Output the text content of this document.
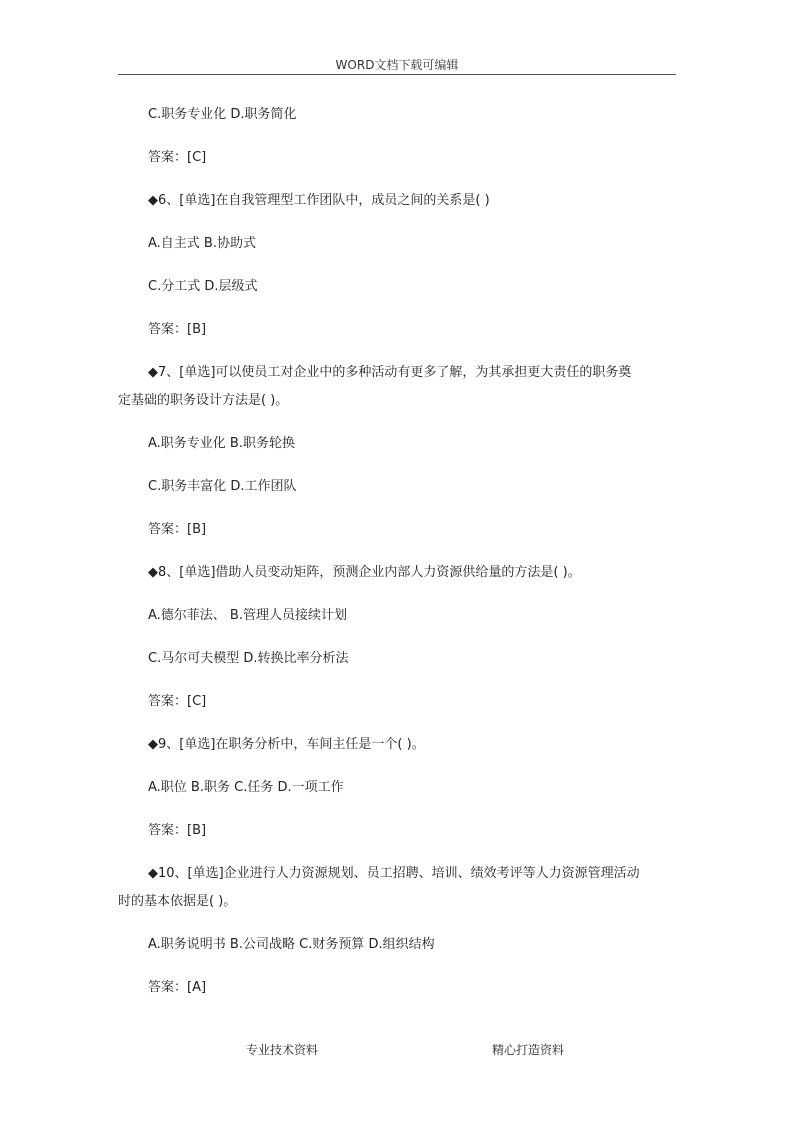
WORD文档下载可编辑
C.职务专业化 D.职务简化
答案：[C]
◆6、[单选]在自我管理型工作团队中，成员之间的关系是( )
A.自主式 B.协助式
C.分工式 D.层级式
答案：[B]
◆7、[单选]可以使员工对企业中的多种活动有更多了解，为其承担更大责任的职务奠
定基础的职务设计方法是( )。
A.职务专业化 B.职务轮换
C.职务丰富化 D.工作团队
答案：[B]
◆8、[单选]借助人员变动矩阵，预测企业内部人力资源供给量的方法是( )。
A.德尔菲法、 B.管理人员接续计划
C.马尔可夫模型 D.转换比率分析法
答案：[C]
◆9、[单选]在职务分析中，车间主任是一个( )。
A.职位 B.职务 C.任务 D.一项工作
答案：[B]
◆10、[单选]企业进行人力资源规划、员工招聘、培训、绩效考评等人力资源管理活动
时的基本依据是( )。
A.职务说明书 B.公司战略 C.财务预算 D.组织结构
答案：[A]
专业技术资料	精心打造资料
